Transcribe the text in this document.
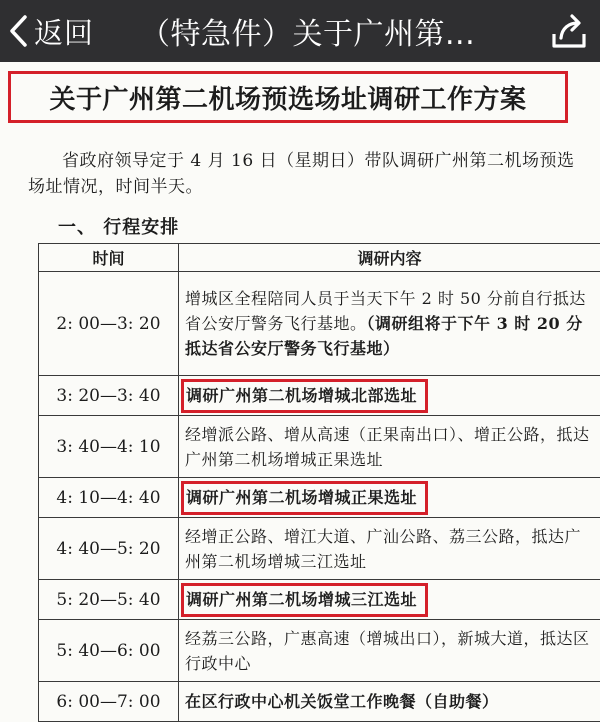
返回 （特急件）关于广州第...
关于广州第二机场预选场址调研工作方案
省政府领导定于 4 月 16 日（星期日）带队调研广州第二机场预选场址情况，时间半天。
一、 行程安排
时间	调研内容
2: 00—3: 20	增城区全程陪同人员于当天下午 2 时 50 分前自行抵达省公安厅警务飞行基地。（调研组将于下午 3 时 20 分抵达省公安厅警务飞行基地）
3: 20—3: 40	调研广州第二机场增城北部选址
3: 40—4: 10	经增派公路、增从高速（正果南出口）、增正公路，抵达广州第二机场增城正果选址
4: 10—4: 40	调研广州第二机场增城正果选址
4: 40—5: 20	经增正公路、增江大道、广汕公路、荔三公路，抵达广州第二机场增城三江选址
5: 20—5: 40	调研广州第二机场增城三江选址
5: 40—6: 00	经荔三公路，广惠高速（增城出口），新城大道，抵达区行政中心
6: 00—7: 00	在区行政中心机关饭堂工作晚餐（自助餐）
